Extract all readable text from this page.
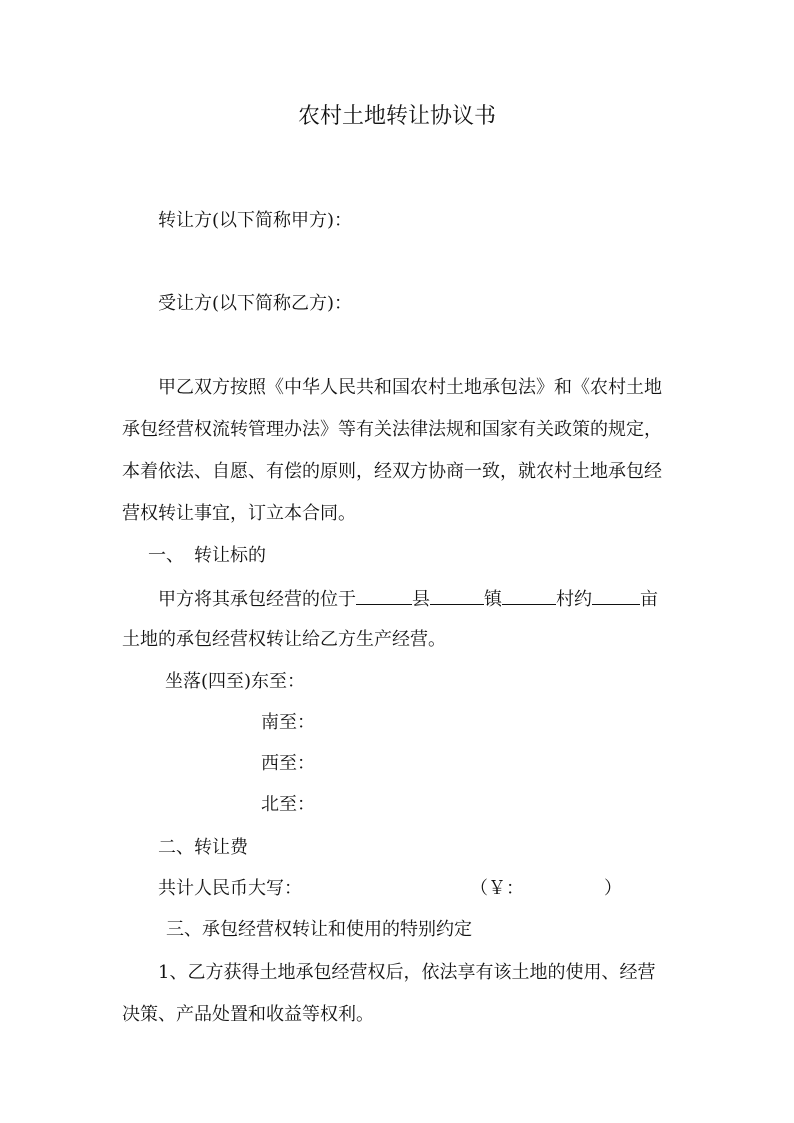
农村土地转让协议书
转让方(以下简称甲方)：
受让方(以下简称乙方)：
甲乙双方按照《中华人民共和国农村土地承包法》和《农村土地
承包经营权流转管理办法》等有关法律法规和国家有关政策的规定，
本着依法、自愿、有偿的原则，经双方协商一致，就农村土地承包经
营权转让事宜，订立本合同。
一、 转让标的
甲方将其承包经营的位于	县	镇	村约	亩
土地的承包经营权转让给乙方生产经营。
坐落(四至)东至：
南至：
西至：
北至：
二、转让费
共计人民币大写：	（￥：	）
三、承包经营权转让和使用的特别约定
1、乙方获得土地承包经营权后，依法享有该土地的使用、经营
决策、产品处置和收益等权利。
